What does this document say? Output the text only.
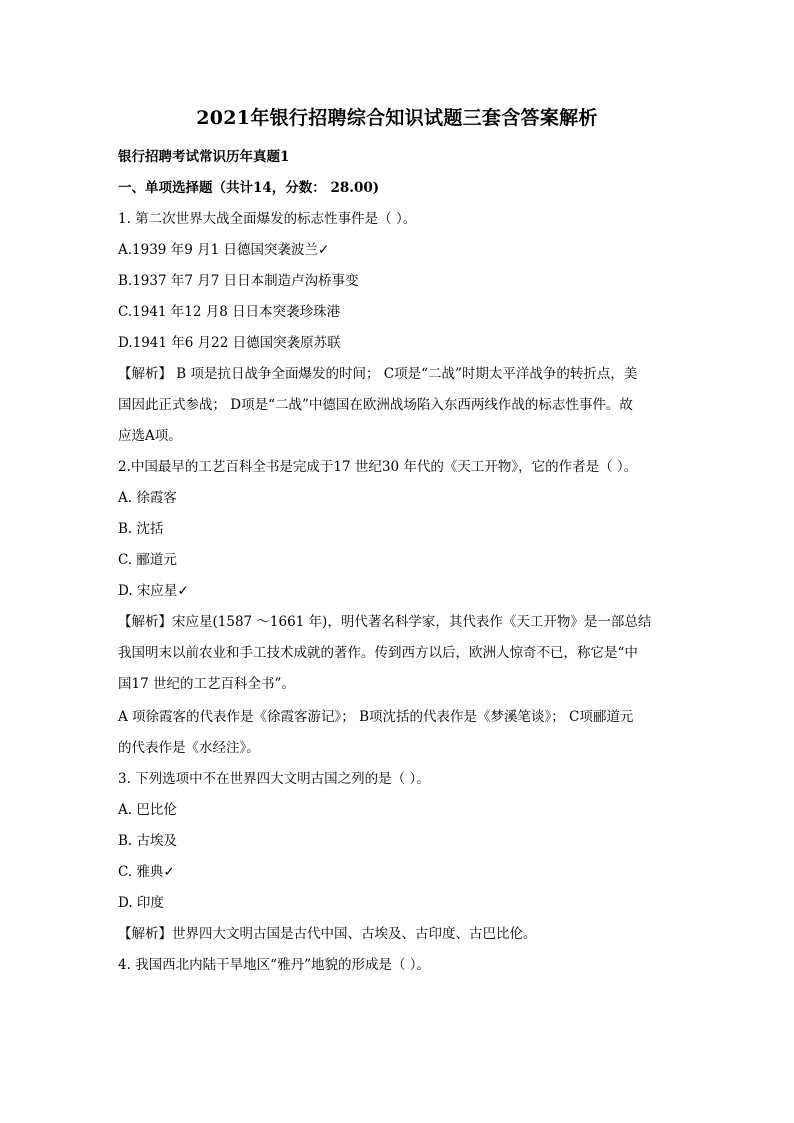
2021年银行招聘综合知识试题三套含答案解析
银行招聘考试常识历年真题1
一、单项选择题（共计14，分数： 28.00)
1. 第二次世界大战全面爆发的标志性事件是（ ）。
A.1939 年9 月1 日德国突袭波兰✓
B.1937 年7 月7 日日本制造卢沟桥事变
C.1941 年12 月8 日日本突袭珍珠港
D.1941 年6 月22 日德国突袭原苏联
【解析】 B 项是抗日战争全面爆发的时间； C项是“二战”时期太平洋战争的转折点，美
国因此正式参战； D项是“二战”中德国在欧洲战场陷入东西两线作战的标志性事件。故
应选A项。
2.中国最早的工艺百科全书是完成于17 世纪30 年代的《天工开物》，它的作者是（ ）。
A. 徐霞客
B. 沈括
C. 郦道元
D. 宋应星✓
【解析】宋应星(1587 ～1661 年)，明代著名科学家，其代表作《天工开物》是一部总结
我国明末以前农业和手工技术成就的著作。传到西方以后，欧洲人惊奇不已，称它是“中
国17 世纪的工艺百科全书”。
A 项徐霞客的代表作是《徐霞客游记》； B项沈括的代表作是《梦溪笔谈》； C项郦道元
的代表作是《水经注》。
3. 下列选项中不在世界四大文明古国之列的是（ ）。
A. 巴比伦
B. 古埃及
C. 雅典✓
D. 印度
【解析】世界四大文明古国是古代中国、古埃及、古印度、古巴比伦。
4. 我国西北内陆干旱地区“雅丹”地貌的形成是（ ）。
